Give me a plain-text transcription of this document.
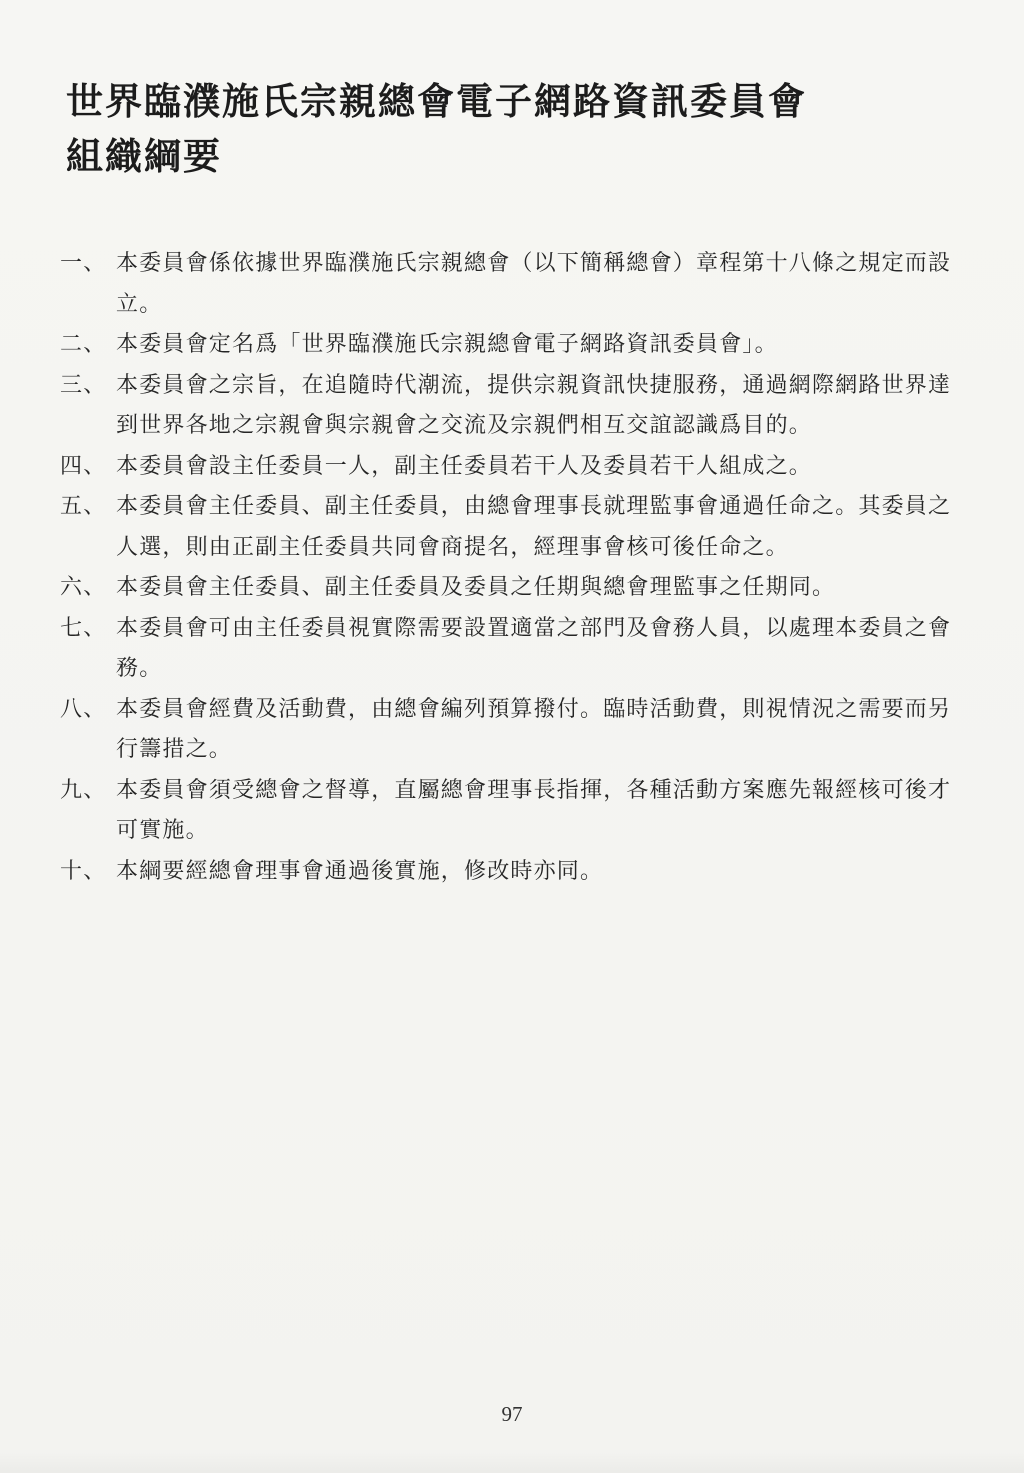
世界臨濮施氏宗親總會電子網路資訊委員會
組織綱要
一、 本委員會係依據世界臨濮施氏宗親總會（以下簡稱總會）章程第十八條之規定而設立。
二、 本委員會定名爲「世界臨濮施氏宗親總會電子網路資訊委員會」。
三、 本委員會之宗旨，在追隨時代潮流，提供宗親資訊快捷服務，通過網際網路世界達到世界各地之宗親會與宗親會之交流及宗親們相互交誼認識爲目的。
四、 本委員會設主任委員一人，副主任委員若干人及委員若干人組成之。
五、 本委員會主任委員、副主任委員，由總會理事長就理監事會通過任命之。其委員之人選，則由正副主任委員共同會商提名，經理事會核可後任命之。
六、 本委員會主任委員、副主任委員及委員之任期與總會理監事之任期同。
七、 本委員會可由主任委員視實際需要設置適當之部門及會務人員，以處理本委員之會務。
八、 本委員會經費及活動費，由總會編列預算撥付。臨時活動費，則視情況之需要而另行籌措之。
九、 本委員會須受總會之督導，直屬總會理事長指揮，各種活動方案應先報經核可後才可實施。
十、 本綱要經總會理事會通過後實施，修改時亦同。
97
